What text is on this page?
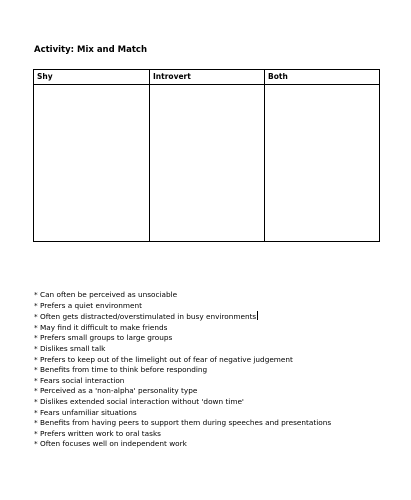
Activity: Mix and Match
Shy	Introvert	Both
* Can often be perceived as unsociable
* Prefers a quiet environment
* Often gets distracted/overstimulated in busy environments
* May find it difficult to make friends
* Prefers small groups to large groups
* Dislikes small talk
* Prefers to keep out of the limelight out of fear of negative judgement
* Benefits from time to think before responding
* Fears social interaction
* Perceived as a 'non-alpha' personality type
* Dislikes extended social interaction without 'down time'
* Fears unfamiliar situations
* Benefits from having peers to support them during speeches and presentations
* Prefers written work to oral tasks
* Often focuses well on independent work
